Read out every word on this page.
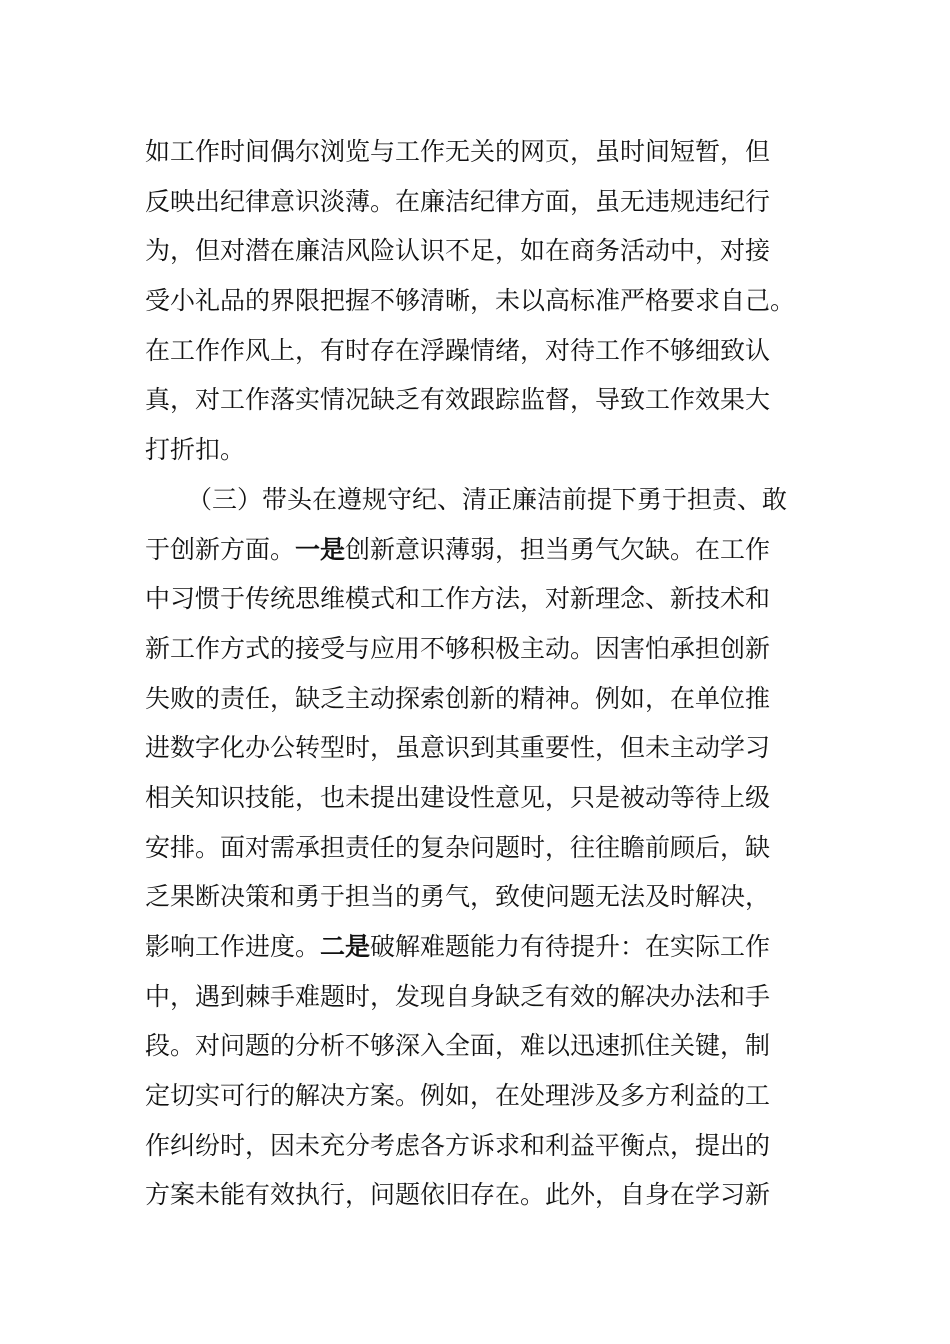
如工作时间偶尔浏览与工作无关的网页，虽时间短暂，但
反映出纪律意识淡薄。在廉洁纪律方面，虽无违规违纪行
为，但对潜在廉洁风险认识不足，如在商务活动中，对接
受小礼品的界限把握不够清晰，未以高标准严格要求自己。
在工作作风上，有时存在浮躁情绪，对待工作不够细致认
真，对工作落实情况缺乏有效跟踪监督，导致工作效果大
打折扣。
（三）带头在遵规守纪、清正廉洁前提下勇于担责、敢
于创新方面。一是创新意识薄弱，担当勇气欠缺。在工作
中习惯于传统思维模式和工作方法，对新理念、新技术和
新工作方式的接受与应用不够积极主动。因害怕承担创新
失败的责任，缺乏主动探索创新的精神。例如，在单位推
进数字化办公转型时，虽意识到其重要性，但未主动学习
相关知识技能，也未提出建设性意见，只是被动等待上级
安排。面对需承担责任的复杂问题时，往往瞻前顾后，缺
乏果断决策和勇于担当的勇气，致使问题无法及时解决，
影响工作进度。二是破解难题能力有待提升：在实际工作
中，遇到棘手难题时，发现自身缺乏有效的解决办法和手
段。对问题的分析不够深入全面，难以迅速抓住关键，制
定切实可行的解决方案。例如，在处理涉及多方利益的工
作纠纷时，因未充分考虑各方诉求和利益平衡点，提出的
方案未能有效执行，问题依旧存在。此外，自身在学习新
